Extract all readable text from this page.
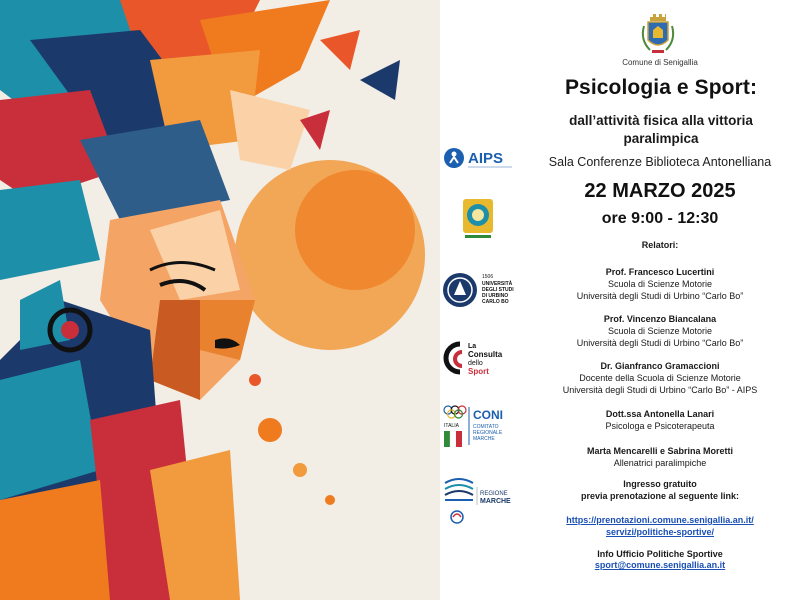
AIPS
1506
UNIVERSITÀ
DEGLI STUDI
DI URBINO
CARLO BO
La
Consulta
dello
Sport
ITALIA
CONI
COMITATO
REGIONALE
MARCHE
REGIONE
MARCHE
Comune di Senigallia
Psicologia e Sport:
dall’attività fisica alla vittoria
paralimpica
Sala Conferenze Biblioteca Antonelliana
22 MARZO 2025
ore 9:00 - 12:30
Relatori:
Prof. Francesco Lucertini
Scuola di Scienze Motorie
Università degli Studi di Urbino “Carlo Bo”
Prof. Vincenzo Biancalana
Scuola di Scienze Motorie
Università degli Studi di Urbino “Carlo Bo”
Dr. Gianfranco Gramaccioni
Docente della Scuola di Scienze Motorie
Università degli Studi di Urbino “Carlo Bo” - AIPS
Dott.ssa Antonella Lanari
Psicologa e Psicoterapeuta
Marta Mencarelli e Sabrina Moretti
Allenatrici paralimpiche
Ingresso gratuito
previa prenotazione al seguente link:
https://prenotazioni.comune.senigallia.an.it/
servizi/politiche-sportive/
Info Ufficio Politiche Sportive
sport@comune.senigallia.an.it
